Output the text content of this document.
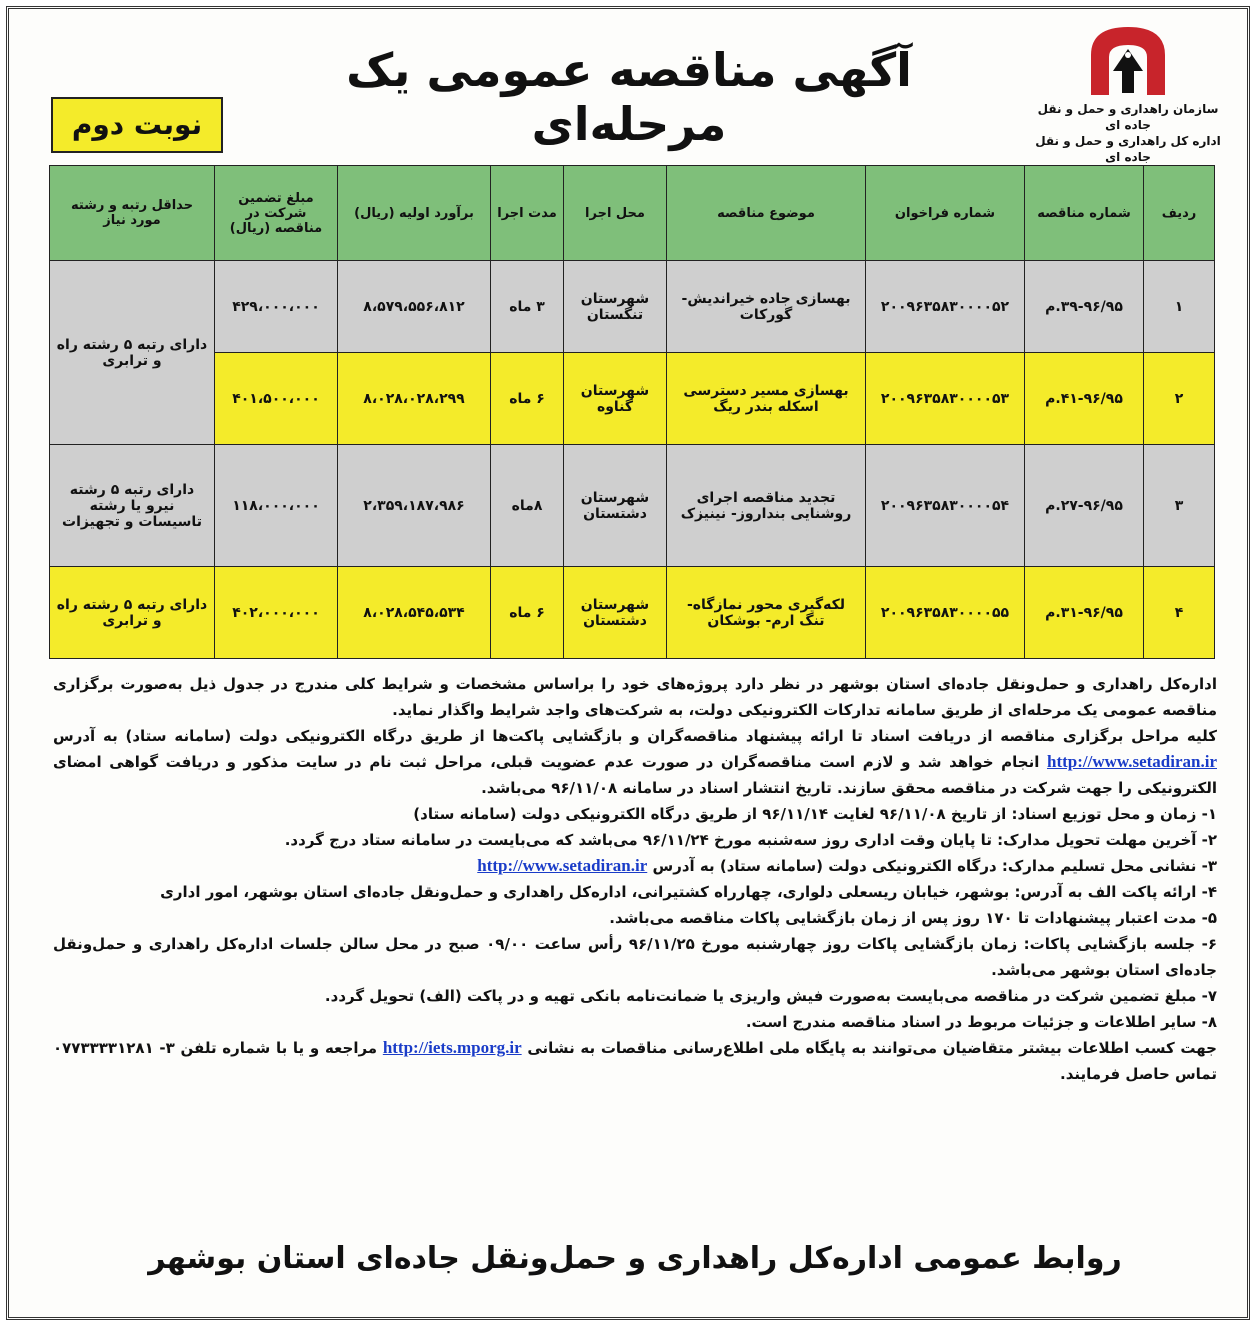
سازمان راهداری و حمل و نقل جاده ای
اداره کل راهداری و حمل و نقل جاده ای
آگهی مناقصه عمومی یک مرحله‌ای
نوبت دوم
ردیف	شماره مناقصه	شماره فراخوان	موضوع مناقصه	محل اجرا	مدت اجرا	برآورد اولیه (ریال)	مبلغ تضمین شرکت در مناقصه (ریال)	حداقل رتبه و رشته مورد نیاز
۱	۳۹-۹۶/۹۵.م	۲۰۰۹۶۳۵۸۳۰۰۰۰۵۲	بهسازی جاده خیراندیش- گورکات	شهرستان تنگستان	۳ ماه	۸،۵۷۹،۵۵۶،۸۱۲	۴۲۹،۰۰۰،۰۰۰	دارای رتبه ۵ رشته راه و ترابری
۲	۴۱-۹۶/۹۵.م	۲۰۰۹۶۳۵۸۳۰۰۰۰۵۳	بهسازی مسیر دسترسی اسکله بندر ریگ	شهرستان گناوه	۶ ماه	۸،۰۲۸،۰۲۸،۲۹۹	۴۰۱،۵۰۰،۰۰۰	
۳	۲۷-۹۶/۹۵.م	۲۰۰۹۶۳۵۸۳۰۰۰۰۵۴	تجدید مناقصه اجرای روشنایی بنداروز- نینیزک	شهرستان دشتستان	۸ماه	۲،۳۵۹،۱۸۷،۹۸۶	۱۱۸،۰۰۰،۰۰۰	دارای رتبه ۵ رشته نیرو یا رشته تاسیسات و تجهیزات
۴	۳۱-۹۶/۹۵.م	۲۰۰۹۶۳۵۸۳۰۰۰۰۵۵	لکه‌گیری محور نمازگاه- تنگ ارم- بوشکان	شهرستان دشتستان	۶ ماه	۸،۰۲۸،۵۴۵،۵۳۴	۴۰۲،۰۰۰،۰۰۰	دارای رتبه ۵ رشته راه و ترابری

اداره‌کل راهداری و حمل‌ونقل جاده‌ای استان بوشهر در نظر دارد پروژه‌های خود را براساس مشخصات و شرایط کلی مندرج در جدول ذیل به‌صورت برگزاری مناقصه عمومی یک مرحله‌ای از طریق سامانه تدارکات الکترونیکی دولت، به شرکت‌های واجد شرایط واگذار نماید.

کلیه مراحل برگزاری مناقصه از دریافت اسناد تا ارائه پیشنهاد مناقصه‌گران و بازگشایی پاکت‌ها از طریق درگاه الکترونیکی دولت (سامانه ستاد) به آدرس http://www.setadiran.ir انجام خواهد شد و لازم است مناقصه‌گران در صورت عدم عضویت قبلی، مراحل ثبت نام در سایت مذکور و دریافت گواهی امضای الکترونیکی را جهت شرکت در مناقصه محقق سازند. تاریخ انتشار اسناد در سامانه ۹۶/۱۱/۰۸ می‌باشد.

۱- زمان و محل توزیع اسناد: از تاریخ ۹۶/۱۱/۰۸ لغایت ۹۶/۱۱/۱۴ از طریق درگاه الکترونیکی دولت (سامانه ستاد)

۲- آخرین مهلت تحویل مدارک: تا پایان وقت اداری روز سه‌شنبه مورخ ۹۶/۱۱/۲۴ می‌باشد که می‌بایست در سامانه ستاد درج گردد.

۳- نشانی محل تسلیم مدارک: درگاه الکترونیکی دولت (سامانه ستاد) به آدرس http://www.setadiran.ir

۴- ارائه پاکت الف به آدرس: بوشهر، خیابان ریسعلی دلواری، چهارراه کشتیرانی، اداره‌کل راهداری و حمل‌ونقل جاده‌ای استان بوشهر، امور اداری

۵- مدت اعتبار پیشنهادات تا ۱۷۰ روز پس از زمان بازگشایی پاکات مناقصه می‌باشد.

۶- جلسه بازگشایی پاکات: زمان بازگشایی پاکات روز چهارشنبه مورخ ۹۶/۱۱/۲۵ رأس ساعت ۰۹/۰۰ صبح در محل سالن جلسات اداره‌کل راهداری و حمل‌ونقل جاده‌ای استان بوشهر می‌باشد.

۷- مبلغ تضمین شرکت در مناقصه می‌بایست به‌صورت فیش واریزی یا ضمانت‌نامه بانکی تهیه و در پاکت (الف) تحویل گردد.

۸- سایر اطلاعات و جزئیات مربوط در اسناد مناقصه مندرج است.

جهت کسب اطلاعات بیشتر متقاضیان می‌توانند به پایگاه ملی اطلاع‌رسانی مناقصات به نشانی http://iets.mporg.ir مراجعه و یا با شماره تلفن ۳- ۰۷۷۳۳۳۳۱۲۸۱ تماس حاصل فرمایند.

روابط عمومی اداره‌کل راهداری و حمل‌ونقل جاده‌ای استان بوشهر
